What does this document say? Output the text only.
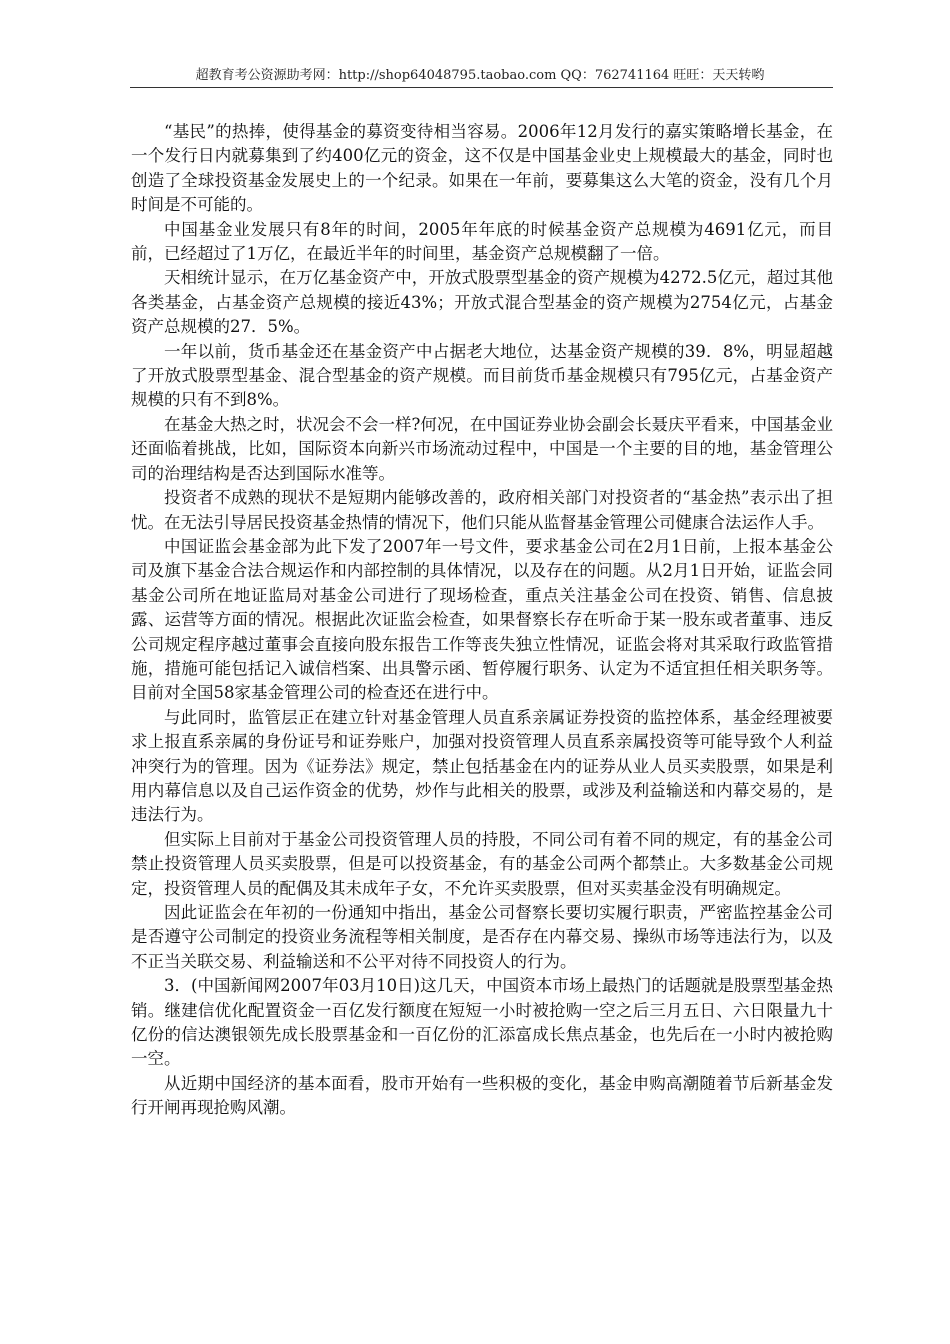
超教育考公资源助考网：http://shop64048795.taobao.com QQ：762741164 旺旺：天天转哟

“基民”的热捧，使得基金的募资变待相当容易。2006年12月发行的嘉实策略增长基金，在一个发行日内就募集到了约400亿元的资金，这不仅是中国基金业史上规模最大的基金，同时也创造了全球投资基金发展史上的一个纪录。如果在一年前，要募集这么大笔的资金，没有几个月时间是不可能的。

中国基金业发展只有8年的时间，2005年年底的时候基金资产总规模为4691亿元，而目前，已经超过了1万亿，在最近半年的时间里，基金资产总规模翻了一倍。

天相统计显示，在万亿基金资产中，开放式股票型基金的资产规模为4272.5亿元，超过其他各类基金，占基金资产总规模的接近43%；开放式混合型基金的资产规模为2754亿元，占基金资产总规模的27．5%。

一年以前，货币基金还在基金资产中占据老大地位，达基金资产规模的39．8%，明显超越了开放式股票型基金、混合型基金的资产规模。而目前货币基金规模只有795亿元，占基金资产规模的只有不到8%。

在基金大热之时，状况会不会一样?何况，在中国证券业协会副会长聂庆平看来，中国基金业还面临着挑战，比如，国际资本向新兴市场流动过程中，中国是一个主要的目的地，基金管理公司的治理结构是否达到国际水准等。

投资者不成熟的现状不是短期内能够改善的，政府相关部门对投资者的“基金热”表示出了担忧。在无法引导居民投资基金热情的情况下，他们只能从监督基金管理公司健康合法运作人手。

中国证监会基金部为此下发了2007年一号文件，要求基金公司在2月1日前，上报本基金公司及旗下基金合法合规运作和内部控制的具体情况，以及存在的问题。从2月1日开始，证监会同基金公司所在地证监局对基金公司进行了现场检查，重点关注基金公司在投资、销售、信息披露、运营等方面的情况。根据此次证监会检查，如果督察长存在听命于某一股东或者董事、违反公司规定程序越过董事会直接向股东报告工作等丧失独立性情况，证监会将对其采取行政监管措施，措施可能包括记入诚信档案、出具警示函、暂停履行职务、认定为不适宜担任相关职务等。目前对全国58家基金管理公司的检查还在进行中。

与此同时，监管层正在建立针对基金管理人员直系亲属证券投资的监控体系，基金经理被要求上报直系亲属的身份证号和证券账户，加强对投资管理人员直系亲属投资等可能导致个人利益冲突行为的管理。因为《证券法》规定，禁止包括基金在内的证券从业人员买卖股票，如果是利用内幕信息以及自己运作资金的优势，炒作与此相关的股票，或涉及利益输送和内幕交易的，是违法行为。

但实际上目前对于基金公司投资管理人员的持股，不同公司有着不同的规定，有的基金公司禁止投资管理人员买卖股票，但是可以投资基金，有的基金公司两个都禁止。大多数基金公司规定，投资管理人员的配偶及其未成年子女，不允许买卖股票，但对买卖基金没有明确规定。

因此证监会在年初的一份通知中指出，基金公司督察长要切实履行职责，严密监控基金公司是否遵守公司制定的投资业务流程等相关制度，是否存在内幕交易、操纵市场等违法行为，以及不正当关联交易、利益输送和不公平对待不同投资人的行为。

3．(中国新闻网2007年03月10日)这几天，中国资本市场上最热门的话题就是股票型基金热销。继建信优化配置资金一百亿发行额度在短短一小时被抢购一空之后三月五日、六日限量九十亿份的信达澳银领先成长股票基金和一百亿份的汇添富成长焦点基金，也先后在一小时内被抢购一空。

从近期中国经济的基本面看，股市开始有一些积极的变化，基金申购高潮随着节后新基金发行开闸再现抢购风潮。
